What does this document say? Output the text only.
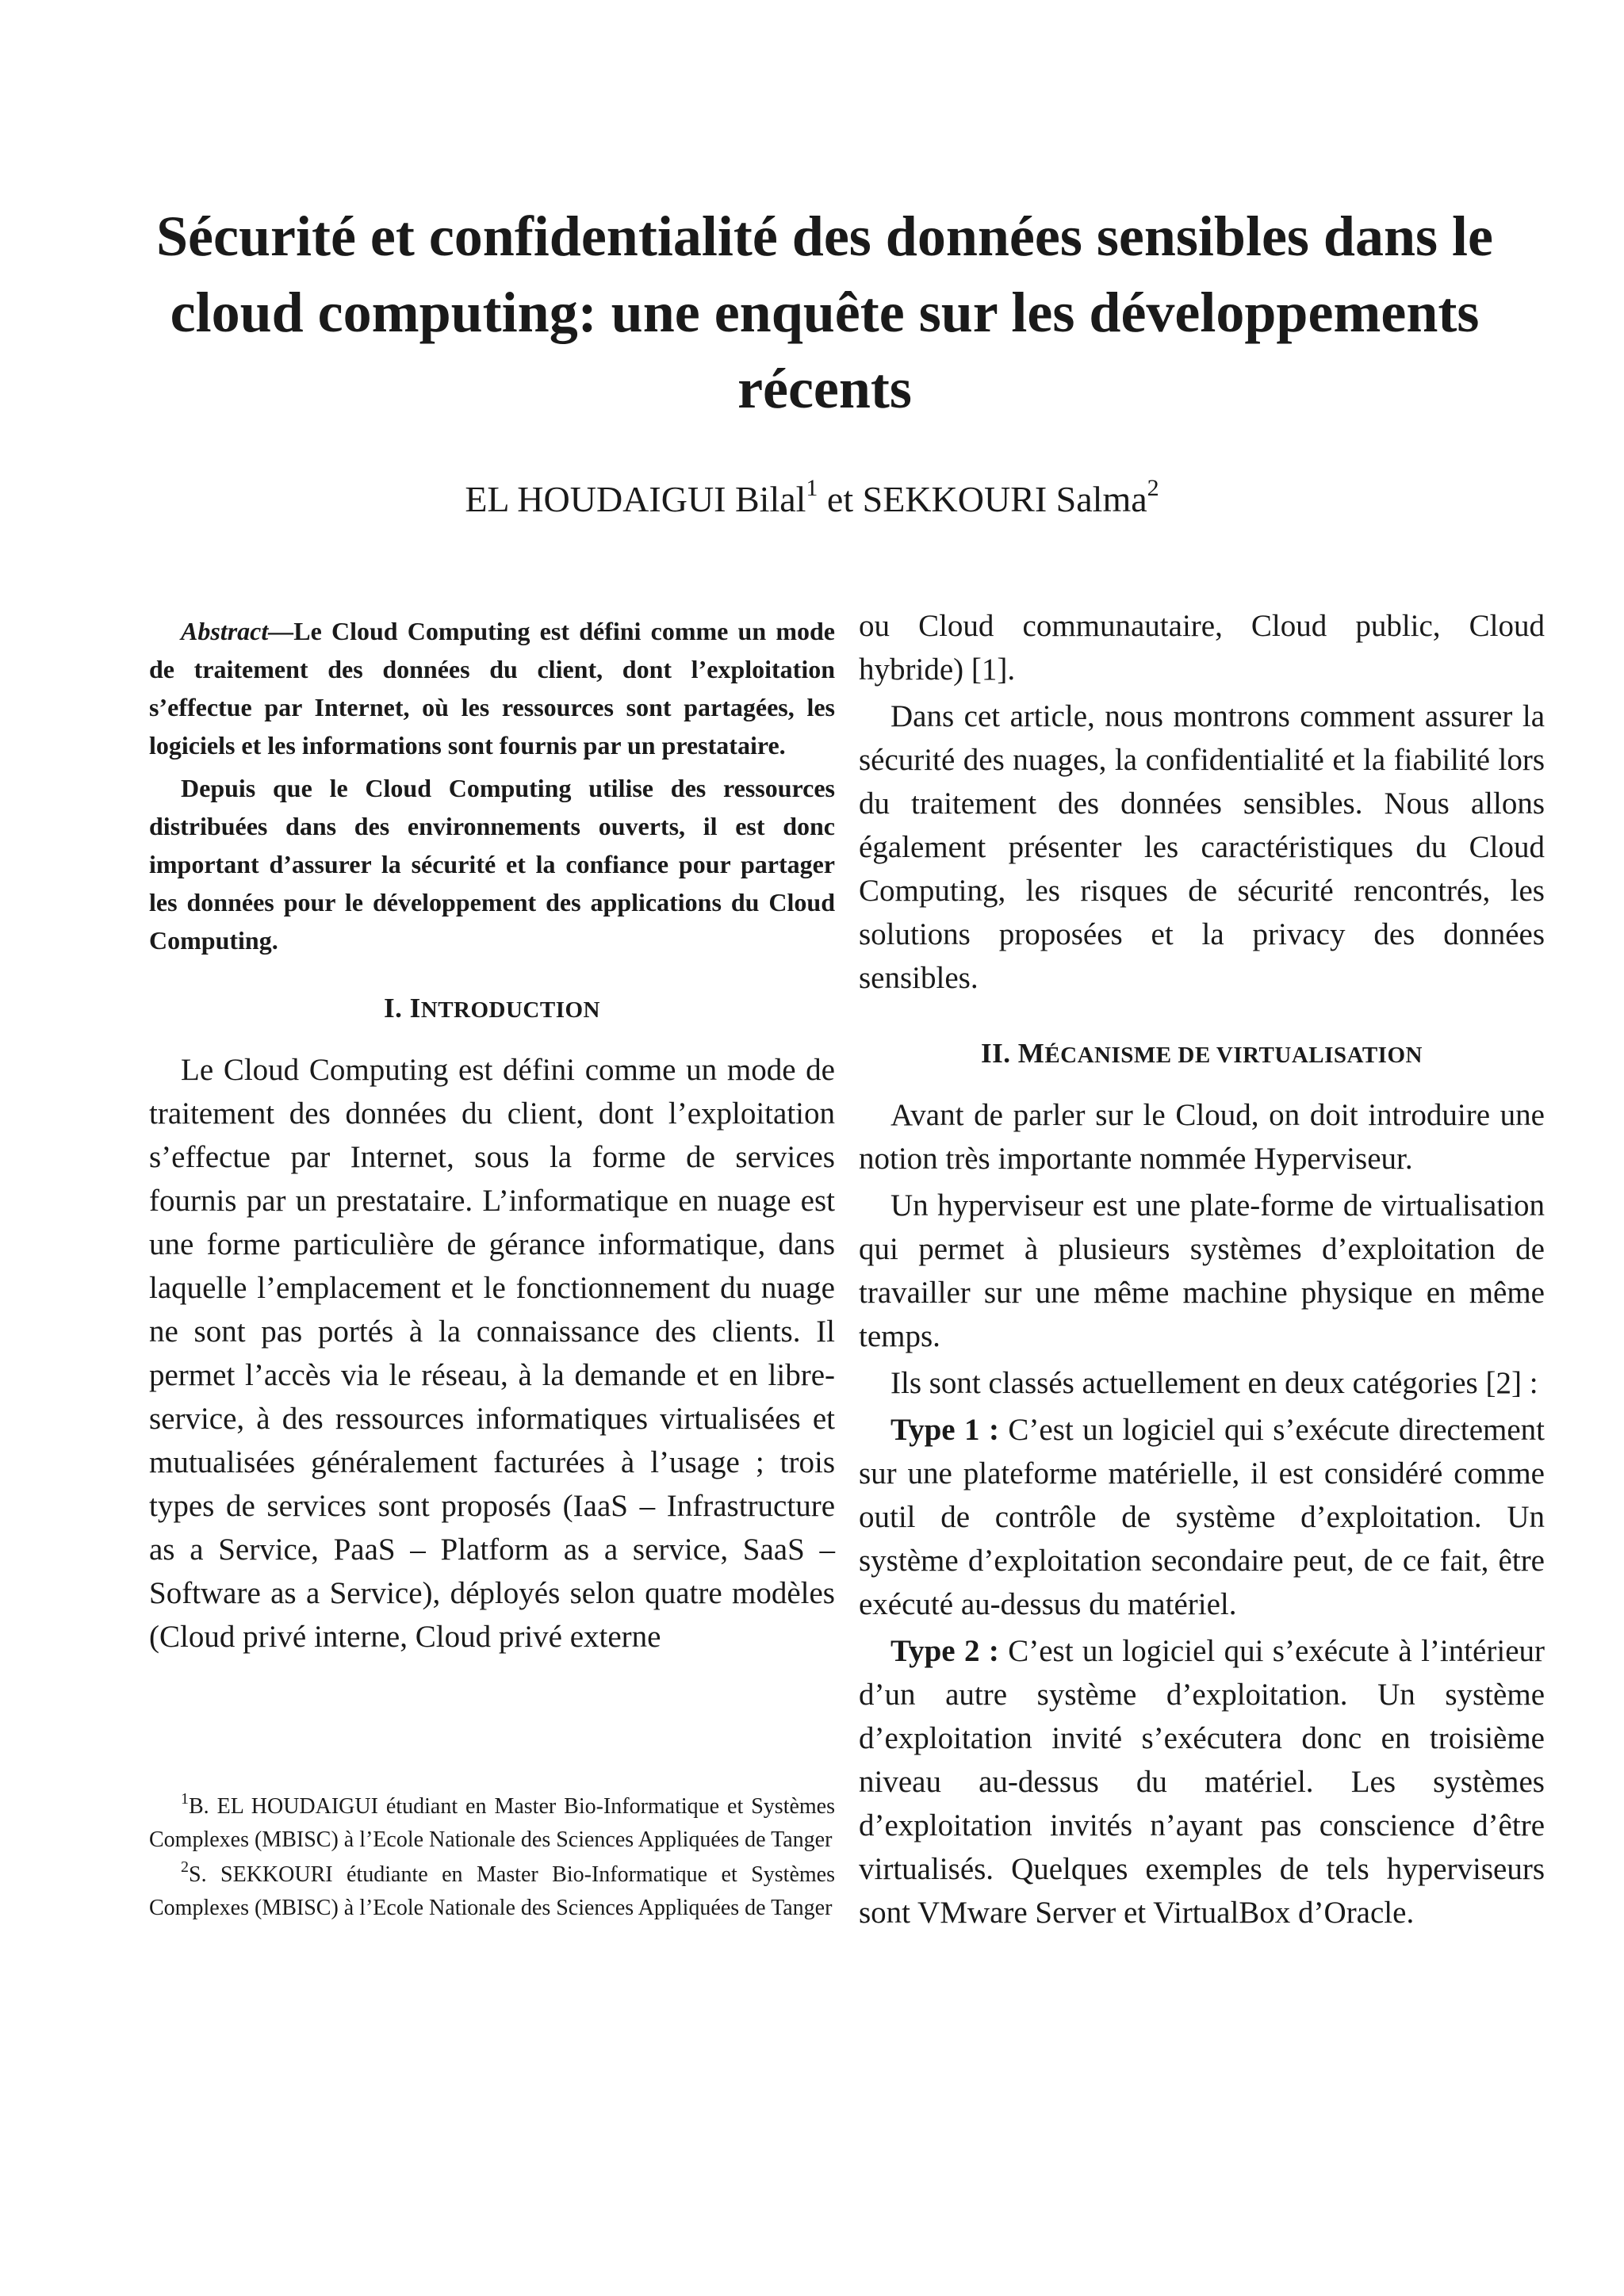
Sécurité et confidentialité des données sensibles dans le cloud computing: une enquête sur les développements récents
EL HOUDAIGUI Bilal$^1$ et SEKKOURI Salma$^2$

Abstract—Le Cloud Computing est défini comme un mode de traitement des données du client, dont l’exploitation s’effectue par Internet, où les ressources sont partagées, les logiciels et les informations sont fournis par un prestataire.

Depuis que le Cloud Computing utilise des ressources distribuées dans des environnements ouverts, il est donc important d’assurer la sécurité et la confiance pour partager les données pour le développement des applications du Cloud Computing.

I. INTRODUCTION

Le Cloud Computing est défini comme un mode de traitement des données du client, dont l’exploitation s’effectue par Internet, sous la forme de services fournis par un prestataire. L’informatique en nuage est une forme particulière de gérance informatique, dans laquelle l’emplacement et le fonctionnement du nuage ne sont pas portés à la connaissance des clients. Il permet l’accès via le réseau, à la demande et en libre-service, à des ressources informatiques virtualisées et mutualisées généralement facturées à l’usage ; trois types de services sont proposés (IaaS – Infrastructure as a Service, PaaS – Platform as a service, SaaS – Software as a Service), déployés selon quatre modèles (Cloud privé interne, Cloud privé externe

$^1$B. EL HOUDAIGUI étudiant en Master Bio-Informatique et Systèmes Complexes (MBISC) à l’Ecole Nationale des Sciences Appliquées de Tanger

$^2$S. SEKKOURI étudiante en Master Bio-Informatique et Systèmes Complexes (MBISC) à l’Ecole Nationale des Sciences Appliquées de Tanger

ou Cloud communautaire, Cloud public, Cloud hybride) [1].

Dans cet article, nous montrons comment assurer la sécurité des nuages, la confidentialité et la fiabilité lors du traitement des données sensibles. Nous allons également présenter les caractéristiques du Cloud Computing, les risques de sécurité rencontrés, les solutions proposées et la privacy des données sensibles.

II. MÉCANISME DE VIRTUALISATION

Avant de parler sur le Cloud, on doit introduire une notion très importante nommée Hyperviseur.

Un hyperviseur est une plate-forme de virtualisation qui permet à plusieurs systèmes d’exploitation de travailler sur une même machine physique en même temps.

Ils sont classés actuellement en deux catégories [2] :

Type 1 : C’est un logiciel qui s’exécute directement sur une plateforme matérielle, il est considéré comme outil de contrôle de système d’exploitation. Un système d’exploitation secondaire peut, de ce fait, être exécuté au-dessus du matériel.

Type 2 : C’est un logiciel qui s’exécute à l’intérieur d’un autre système d’exploitation. Un système d’exploitation invité s’exécutera donc en troisième niveau au-dessus du matériel. Les systèmes d’exploitation invités n’ayant pas conscience d’être virtualisés. Quelques exemples de tels hyperviseurs sont VMware Server et VirtualBox d’Oracle.
